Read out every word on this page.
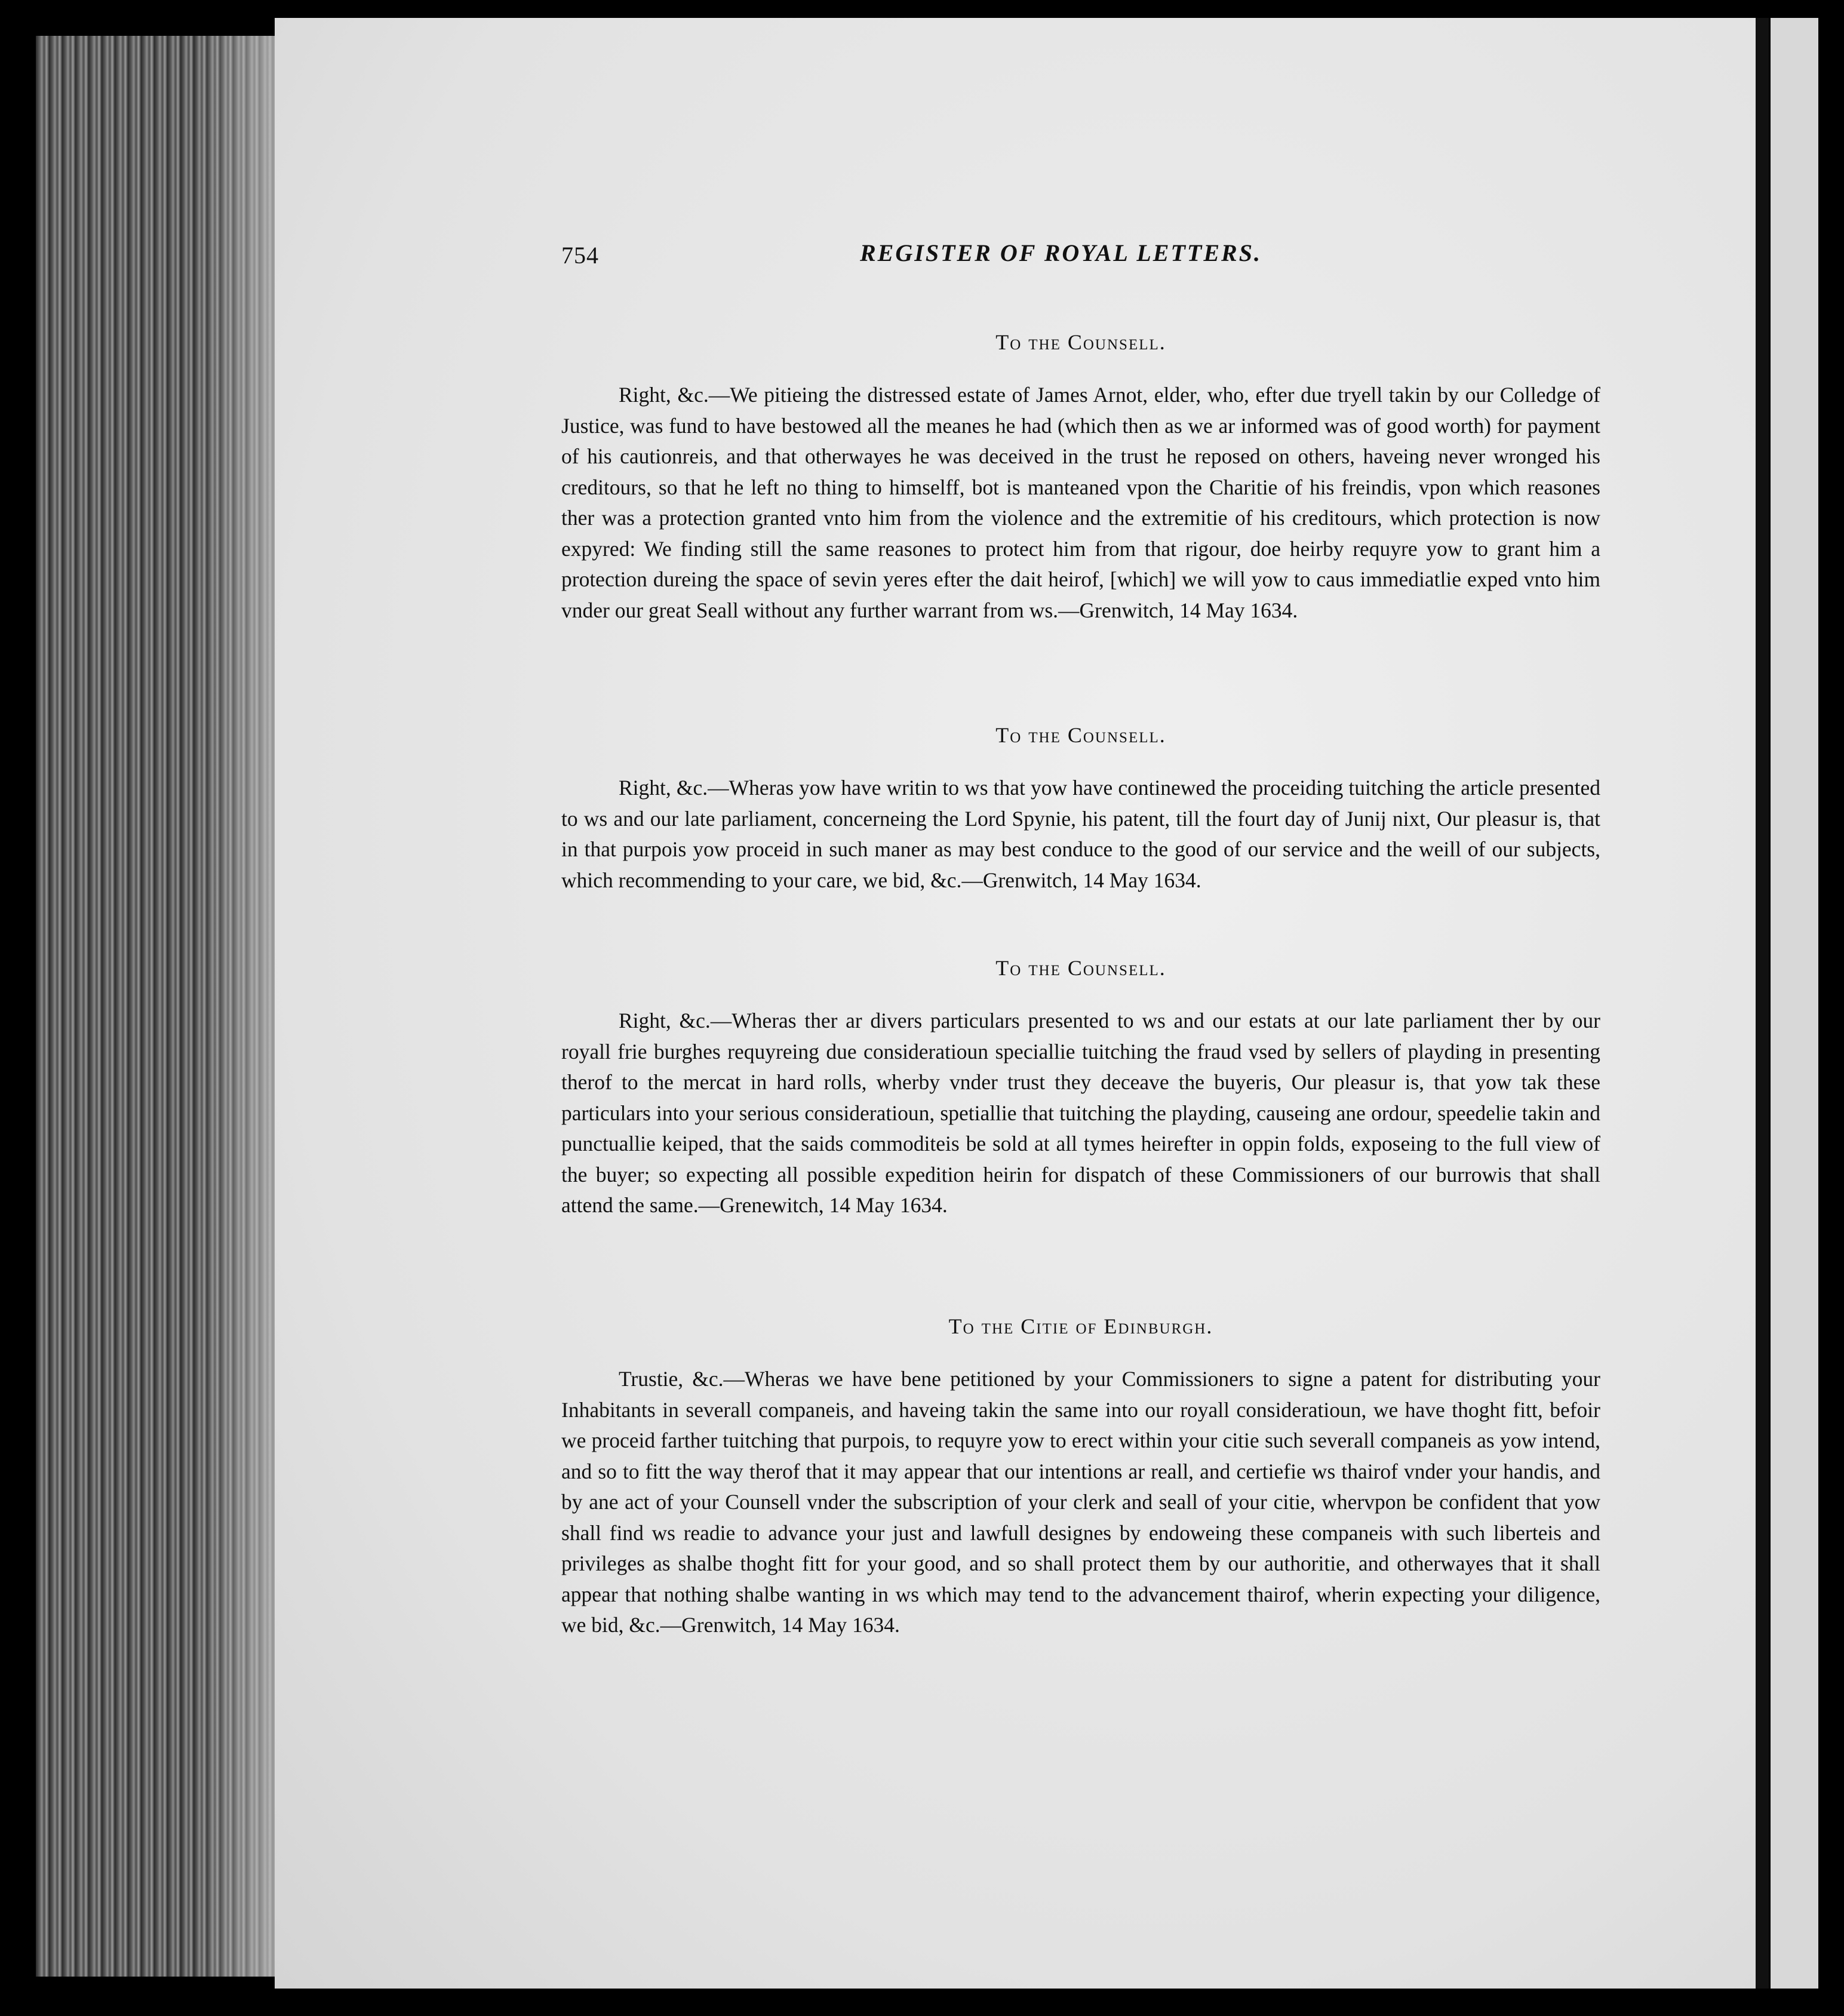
754	REGISTER OF ROYAL LETTERS.

To the Counsell.

Right, &c.—We pitieing the distressed estate of James Arnot, elder, who, efter due tryell takin by our Colledge of Justice, was fund to have bestowed all the meanes he had (which then as we ar informed was of good worth) for payment of his cautionreis, and that otherwayes he was deceived in the trust he reposed on others, haveing never wronged his creditours, so that he left no thing to himselff, bot is manteaned vpon the Charitie of his freindis, vpon which reasones ther was a protection granted vnto him from the violence and the extremitie of his creditours, which protection is now expyred: We finding still the same reasones to protect him from that rigour, doe heirby requyre yow to grant him a protection dureing the space of sevin yeres efter the dait heirof, [which] we will yow to caus immediatlie exped vnto him vnder our great Seall without any further warrant from ws.—Grenwitch, 14 May 1634.

To the Counsell.

Right, &c.—Wheras yow have writin to ws that yow have continewed the proceiding tuitching the article presented to ws and our late parliament, concerneing the Lord Spynie, his patent, till the fourt day of Junij nixt, Our pleasur is, that in that purpois yow proceid in such maner as may best conduce to the good of our service and the weill of our subjects, which recommending to your care, we bid, &c.—Grenwitch, 14 May 1634.

To the Counsell.

Right, &c.—Wheras ther ar divers particulars presented to ws and our estats at our late parliament ther by our royall frie burghes requyreing due consideratioun speciallie tuitching the fraud vsed by sellers of playding in presenting therof to the mercat in hard rolls, wherby vnder trust they deceave the buyeris, Our pleasur is, that yow tak these particulars into your serious consideratioun, spetiallie that tuitching the playding, causeing ane ordour, speedelie takin and punctuallie keiped, that the saids commoditeis be sold at all tymes heirefter in oppin folds, exposeing to the full view of the buyer; so expecting all possible expedition heirin for dispatch of these Commissioners of our burrowis that shall attend the same.—Grenewitch, 14 May 1634.

To the Citie of Edinburgh.

Trustie, &c.—Wheras we have bene petitioned by your Commissioners to signe a patent for distributing your Inhabitants in severall companeis, and haveing takin the same into our royall consideratioun, we have thoght fitt, befoir we proceid farther tuitching that purpois, to requyre yow to erect within your citie such severall companeis as yow intend, and so to fitt the way therof that it may appear that our intentions ar reall, and certiefie ws thairof vnder your handis, and by ane act of your Counsell vnder the subscription of your clerk and seall of your citie, whervpon be confident that yow shall find ws readie to advance your just and lawfull designes by endoweing these companeis with such liberteis and privileges as shalbe thoght fitt for your good, and so shall protect them by our authoritie, and otherwayes that it shall appear that nothing shalbe wanting in ws which may tend to the advancement thairof, wherin expecting your diligence, we bid, &c.—Grenwitch, 14 May 1634.
